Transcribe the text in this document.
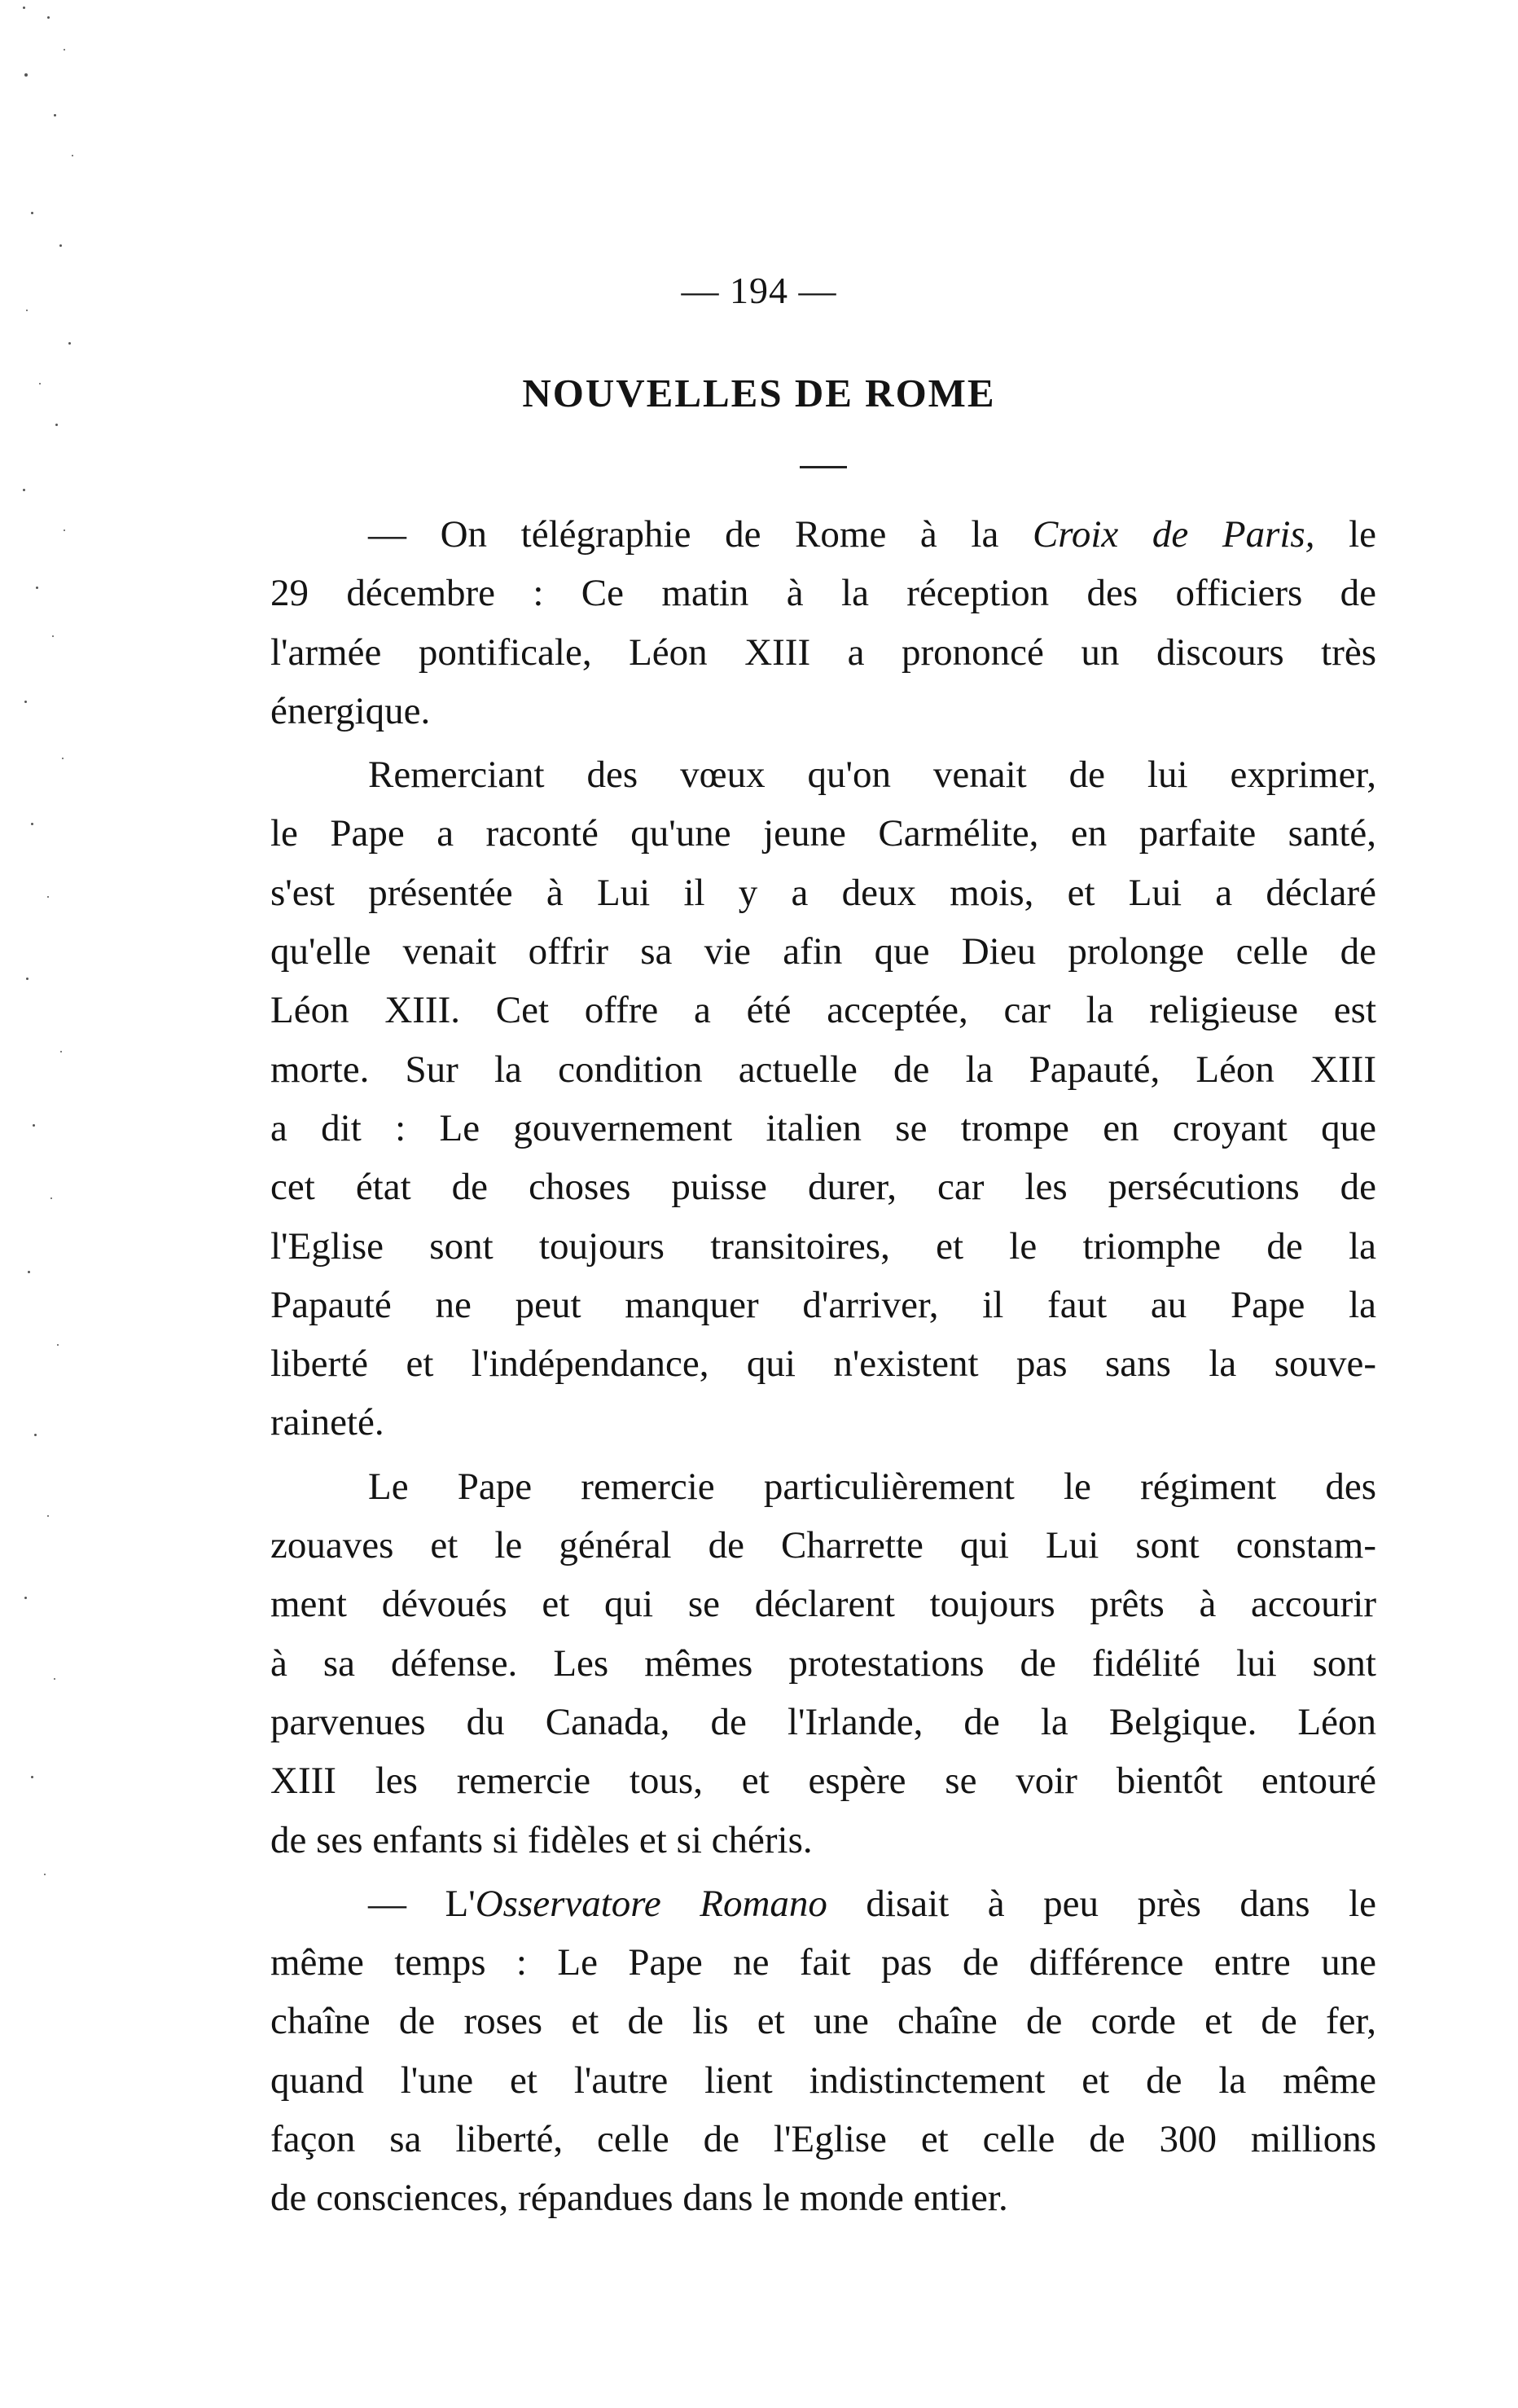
— 194 —
NOUVELLES DE ROME

— On télégraphie de Rome à la Croix de Paris, le
29 décembre : Ce matin à la réception des officiers de
l'armée pontificale, Léon XIII a prononcé un discours très
énergique.

Remerciant des vœux qu'on venait de lui exprimer,
le Pape a raconté qu'une jeune Carmélite, en parfaite santé,
s'est présentée à Lui il y a deux mois, et Lui a déclaré
qu'elle venait offrir sa vie afin que Dieu prolonge celle de
Léon XIII. Cet offre a été acceptée, car la religieuse est
morte. Sur la condition actuelle de la Papauté, Léon XIII
a dit : Le gouvernement italien se trompe en croyant que
cet état de choses puisse durer, car les persécutions de
l'Eglise sont toujours transitoires, et le triomphe de la
Papauté ne peut manquer d'arriver, il faut au Pape la
liberté et l'indépendance, qui n'existent pas sans la souve-
raineté.

Le Pape remercie particulièrement le régiment des
zouaves et le général de Charrette qui Lui sont constam-
ment dévoués et qui se déclarent toujours prêts à accourir
à sa défense. Les mêmes protestations de fidélité lui sont
parvenues du Canada, de l'Irlande, de la Belgique. Léon
XIII les remercie tous, et espère se voir bientôt entouré
de ses enfants si fidèles et si chéris.

— L'Osservatore Romano disait à peu près dans le
même temps : Le Pape ne fait pas de différence entre une
chaîne de roses et de lis et une chaîne de corde et de fer,
quand l'une et l'autre lient indistinctement et de la même
façon sa liberté, celle de l'Eglise et celle de 300 millions
de consciences, répandues dans le monde entier.
